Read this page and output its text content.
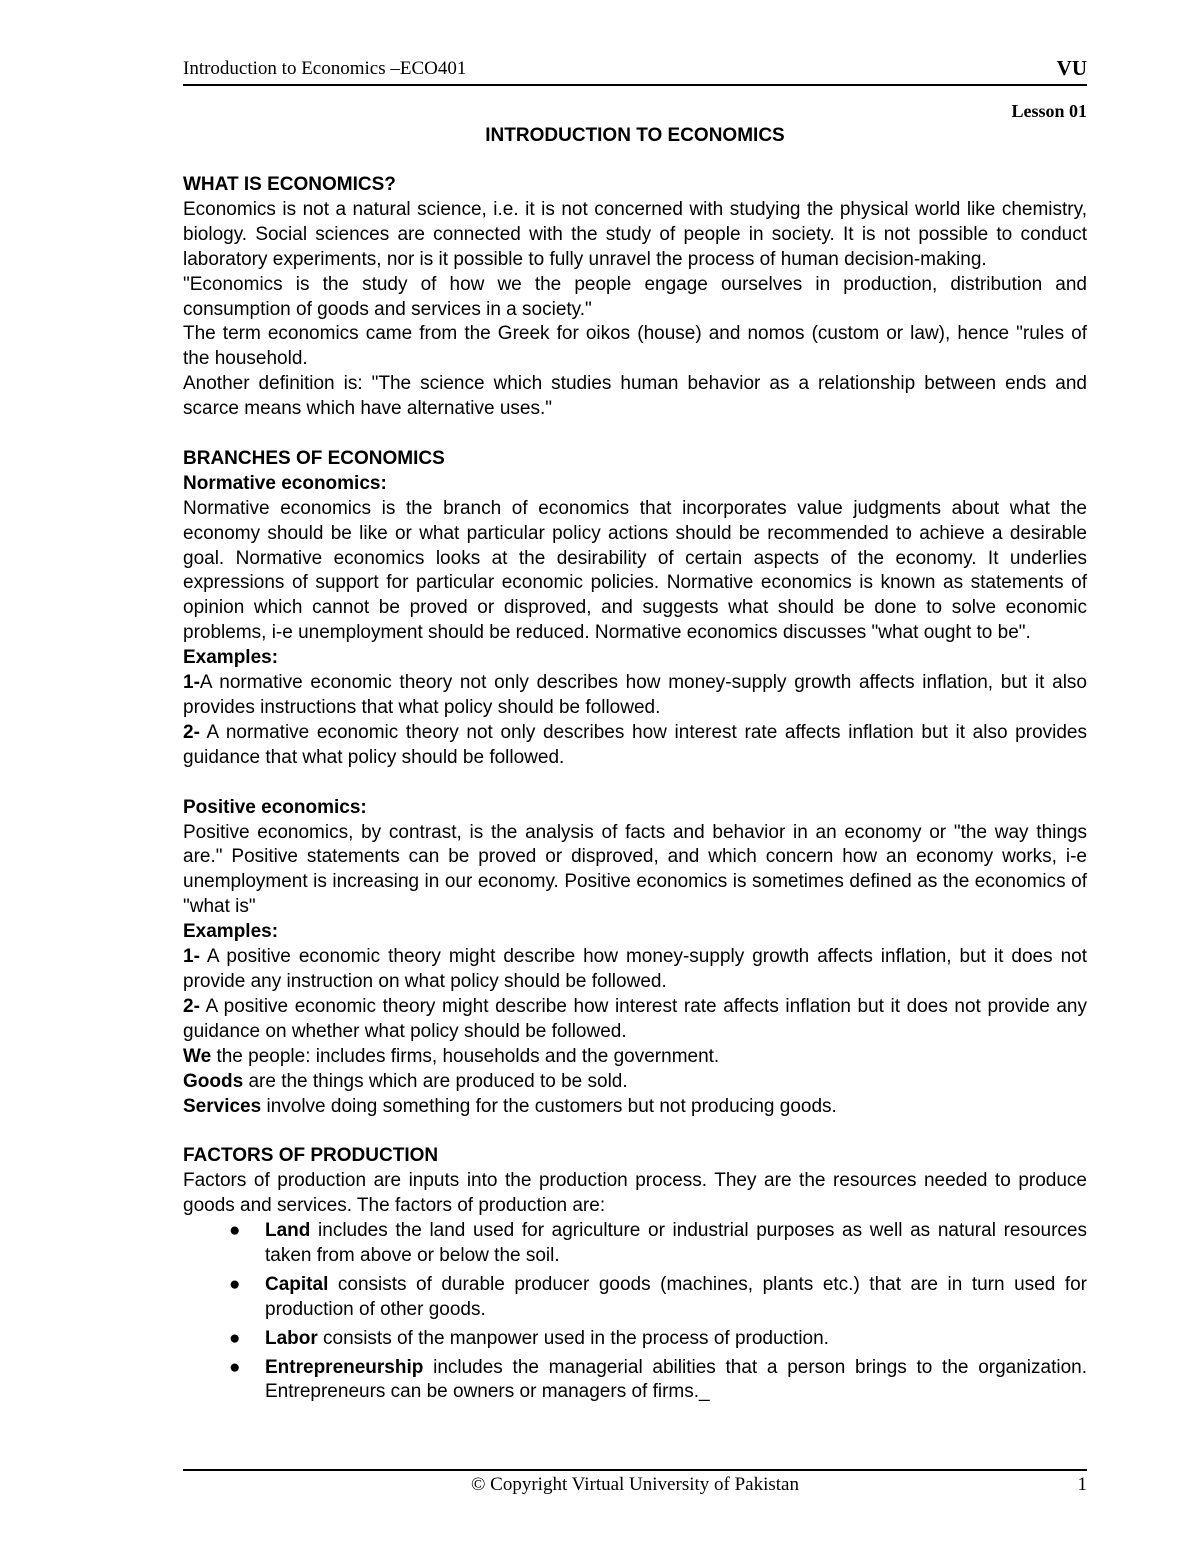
Introduction to Economics –ECO401	VU
Lesson 01
INTRODUCTION TO ECONOMICS
WHAT IS ECONOMICS?

Economics is not a natural science, i.e. it is not concerned with studying the physical world like chemistry, biology. Social sciences are connected with the study of people in society. It is not possible to conduct laboratory experiments, nor is it possible to fully unravel the process of human decision-making.

"Economics is the study of how we the people engage ourselves in production, distribution and consumption of goods and services in a society."

The term economics came from the Greek for oikos (house) and nomos (custom or law), hence "rules of the household.

Another definition is: "The science which studies human behavior as a relationship between ends and scarce means which have alternative uses."

BRANCHES OF ECONOMICS
Normative economics:

Normative economics is the branch of economics that incorporates value judgments about what the economy should be like or what particular policy actions should be recommended to achieve a desirable goal. Normative economics looks at the desirability of certain aspects of the economy. It underlies expressions of support for particular economic policies. Normative economics is known as statements of opinion which cannot be proved or disproved, and suggests what should be done to solve economic problems, i-e unemployment should be reduced. Normative economics discusses "what ought to be".

Examples:

1-A normative economic theory not only describes how money-supply growth affects inflation, but it also provides instructions that what policy should be followed.

2- A normative economic theory not only describes how interest rate affects inflation but it also provides guidance that what policy should be followed.

Positive economics:

Positive economics, by contrast, is the analysis of facts and behavior in an economy or "the way things are." Positive statements can be proved or disproved, and which concern how an economy works, i-e unemployment is increasing in our economy. Positive economics is sometimes defined as the economics of "what is"

Examples:

1- A positive economic theory might describe how money-supply growth affects inflation, but it does not provide any instruction on what policy should be followed.

2- A positive economic theory might describe how interest rate affects inflation but it does not provide any guidance on whether what policy should be followed.

We the people: includes firms, households and the government.

Goods are the things which are produced to be sold.

Services involve doing something for the customers but not producing goods.

FACTORS OF PRODUCTION

Factors of production are inputs into the production process. They are the resources needed to produce goods and services. The factors of production are:

● Land includes the land used for agriculture or industrial purposes as well as natural resources taken from above or below the soil.
● Capital consists of durable producer goods (machines, plants etc.) that are in turn used for production of other goods.
● Labor consists of the manpower used in the process of production.
● Entrepreneurship includes the managerial abilities that a person brings to the organization. Entrepreneurs can be owners or managers of firms._
© Copyright Virtual University of Pakistan	1
